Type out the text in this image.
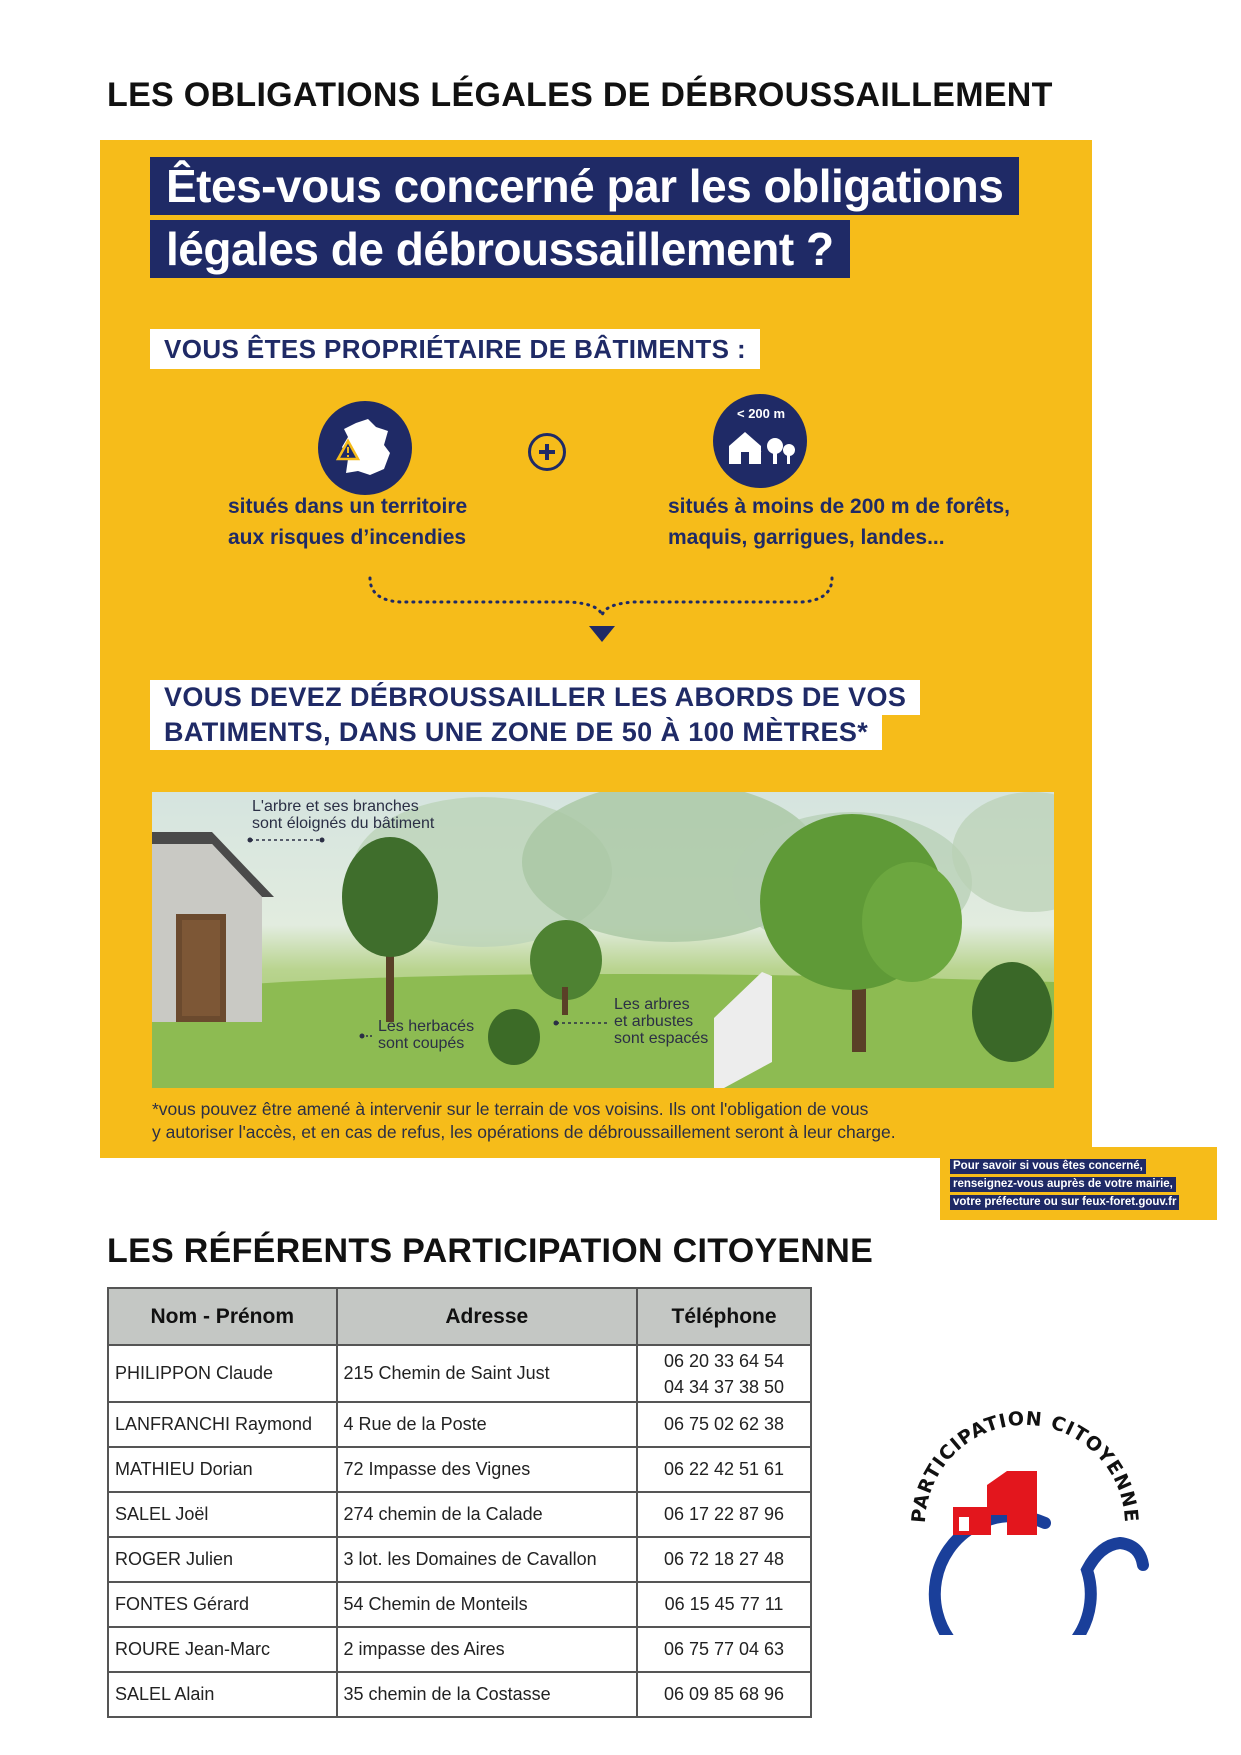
LES OBLIGATIONS LÉGALES DE DÉBROUSSAILLEMENT
Êtes-vous concerné par les obligations
légales de débroussaillement ?
VOUS ÊTES PROPRIÉTAIRE DE BÂTIMENTS :
< 200 m
situés dans un territoire
aux risques d’incendies
situés à moins de 200 m de forêts,
maquis, garrigues, landes...
VOUS DEVEZ DÉBROUSSAILLER LES ABORDS DE VOS
BATIMENTS, DANS UNE ZONE DE 50 À 100 MÈTRES*
L'arbre et ses branches
sont éloignés du bâtiment
Les herbacés
sont coupés
Les arbres
et arbustes
sont espacés
*vous pouvez être amené à intervenir sur le terrain de vos voisins. Ils ont l'obligation de vous
y autoriser l'accès, et en cas de refus, les opérations de débroussaillement seront à leur charge.
Pour savoir si vous êtes concerné,
renseignez-vous auprès de votre mairie,
votre préfecture ou sur feux-foret.gouv.fr
LES RÉFÉRENTS PARTICIPATION CITOYENNE
Nom - Prénom	Adresse	Téléphone
PHILIPPON Claude	215 Chemin de Saint Just	06 20 33 64 54
04 34 37 38 50

LANFRANCHI Raymond	4 Rue de la Poste	06 75 02 62 38
MATHIEU Dorian	72 Impasse des Vignes	06 22 42 51 61
SALEL Joël	274 chemin de la Calade	06 17 22 87 96
ROGER Julien	3 lot. les Domaines de Cavallon	06 72 18 27 48
FONTES Gérard	54 Chemin de Monteils	06 15 45 77 11
ROURE Jean-Marc	2 impasse des Aires	06 75 77 04 63
SALEL Alain	35 chemin de la Costasse	06 09 85 68 96
PARTICIPATION CITOYENNE
